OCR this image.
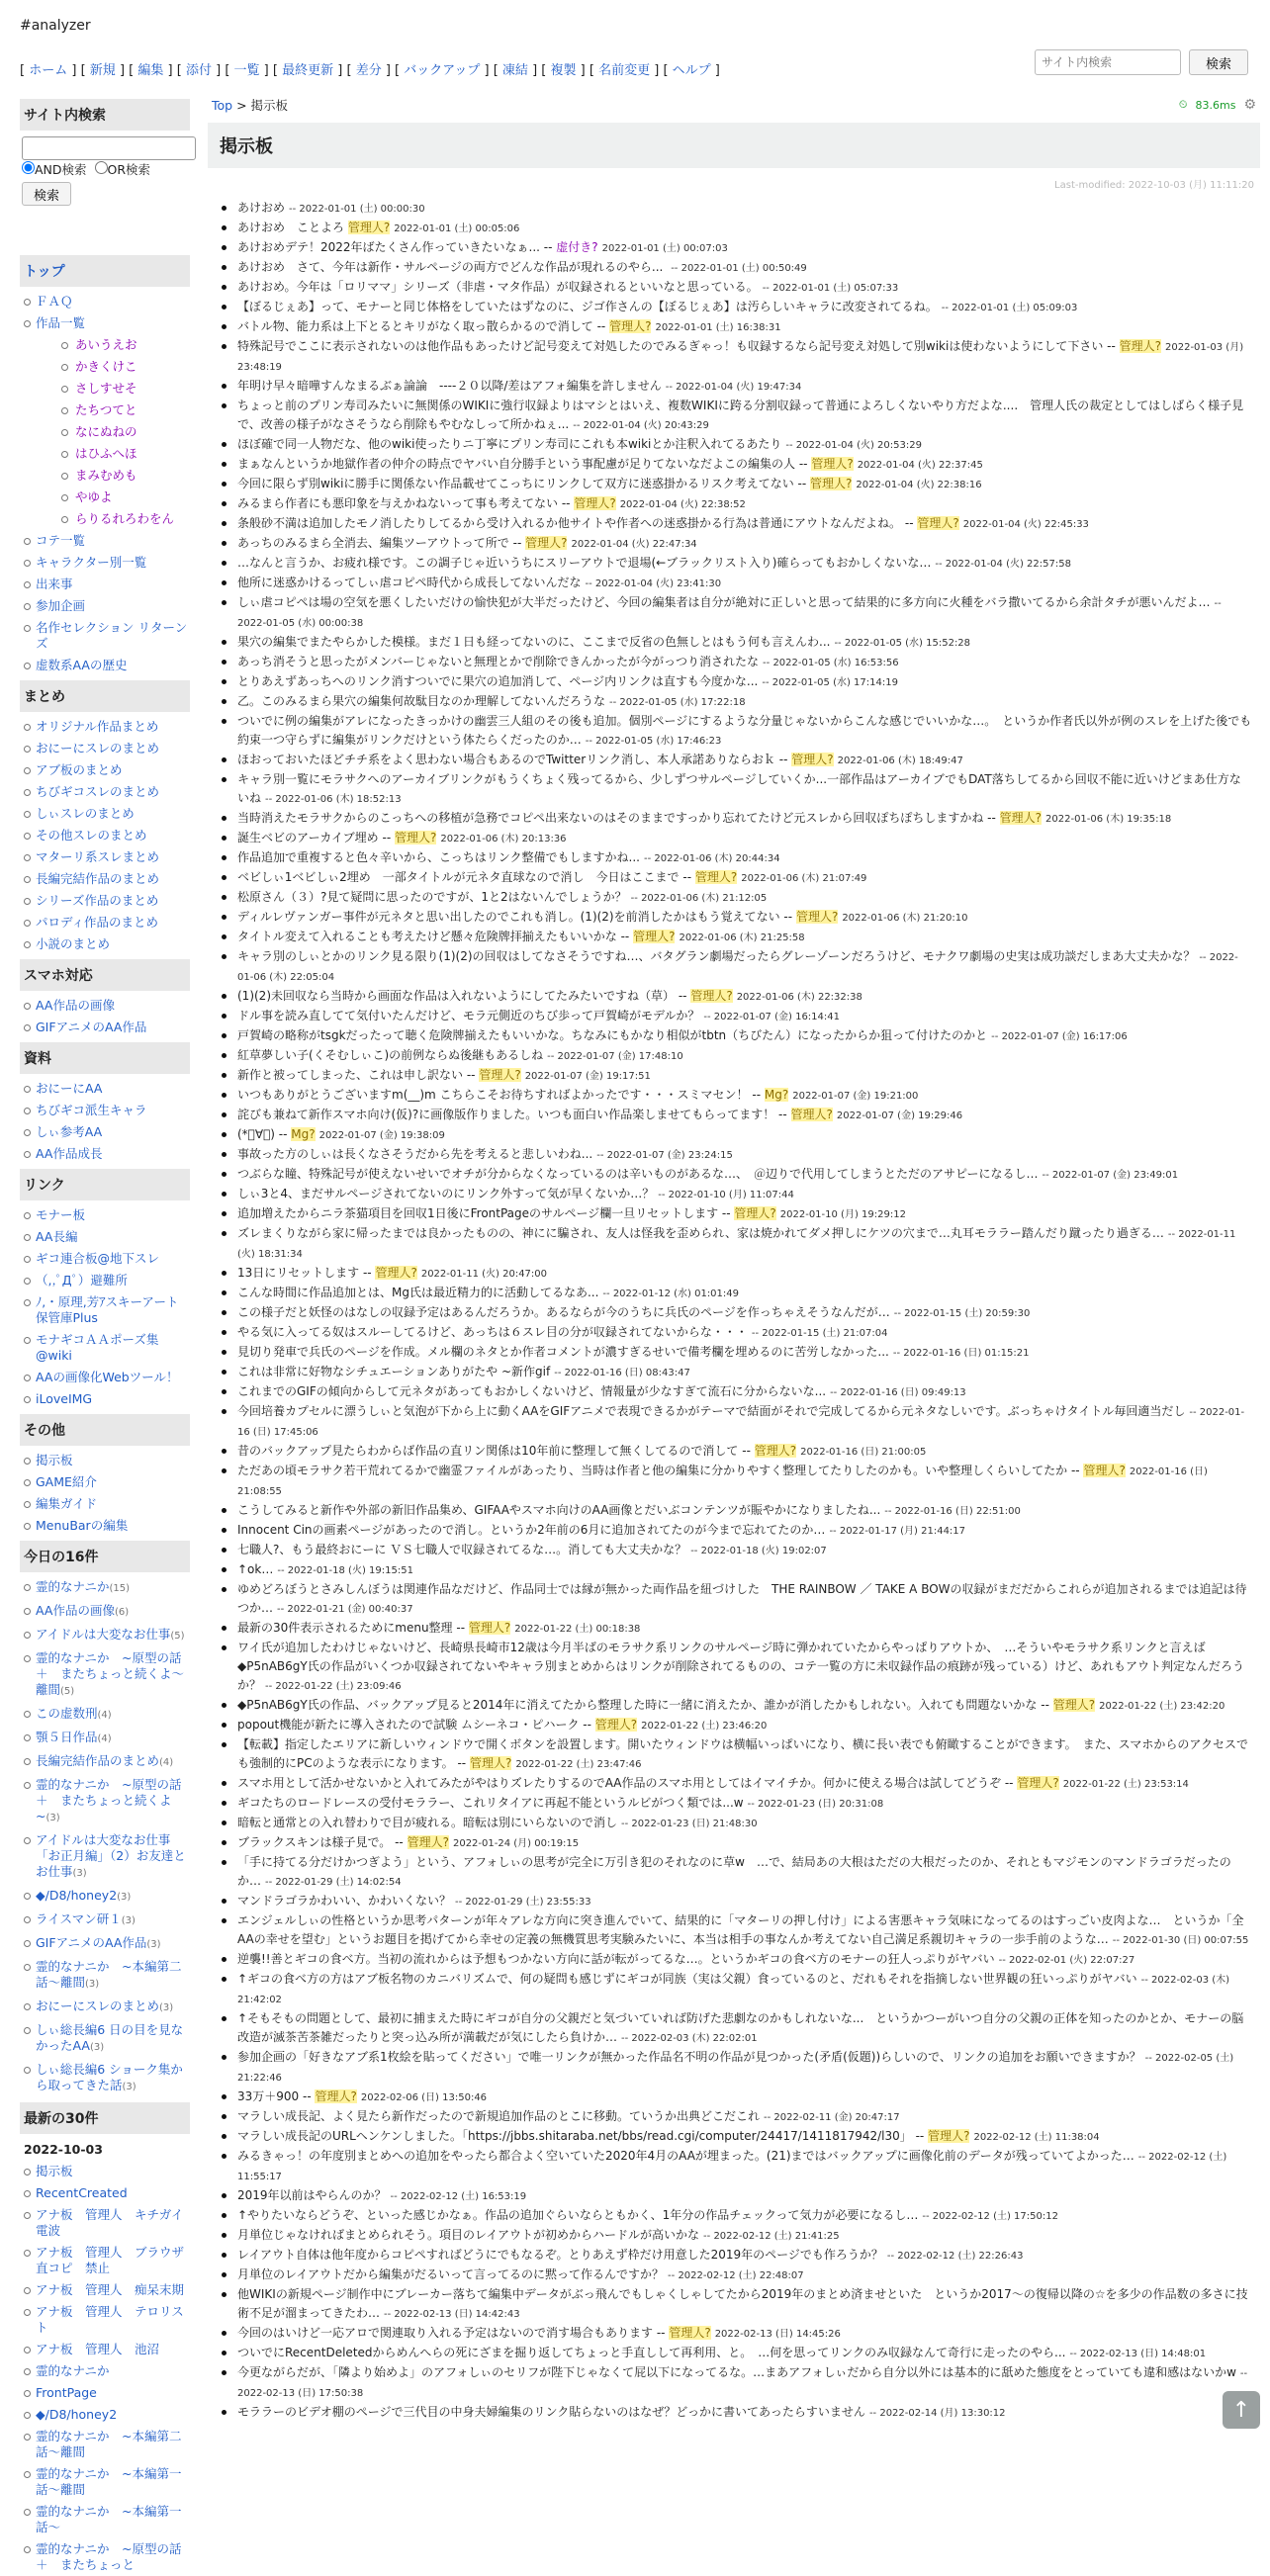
#analyzer
[ ホーム ] [ 新規 ] [ 編集 ] [ 添付 ] [ 一覧 ] [ 最終更新 ] [ 差分 ] [ バックアップ ] [ 凍結 ] [ 複製 ] [ 名前変更 ] [ ヘルプ ]
サイト内検索	検索
サイト内検索

AND検索 OR検索
検索
トップ
ＦＡＱ
作品一覧
あいうえお
かきくけこ
さしすせそ
たちつてと
なにぬねの
はひふへほ
まみむめも
やゆよ
らりるれろわをん
コテ一覧
キャラクター別一覧
出来事
参加企画
名作セレクション リターンズ
虚数系AAの歴史
まとめ
オリジナル作品まとめ
おにーにスレのまとめ
アブ板のまとめ
ちびギコスレのまとめ
しぃスレのまとめ
その他スレのまとめ
マターリ系スレまとめ
長編完結作品のまとめ
シリーズ作品のまとめ
パロディ作品のまとめ
小説のまとめ
スマホ対応
AA作品の画像
GIFアニメのAA作品
資料
おにーにAA
ちびギコ派生キャラ
しぃ参考AA
AA作品成長
リンク
モナー板
AA長編
ギコ連合板@地下スレ
（,,ﾟДﾟ）避難所
ﾉ,・原理,芳ｱスキーアート保管庫Plus
モナギコＡＡポーズ集@wiki
AAの画像化Webツール！
iLoveIMG
その他
掲示板
GAME紹介
編集ガイド
MenuBarの編集
今日の16件
霊的なナニか(15)
AA作品の画像(6)
アイドルは大変なお仕事(5)
霊的なナニか　~原型の話　＋　またちょっと続くよ～離間(5)
この虚数刑(4)
顎５日作品(4)
長編完結作品のまとめ(4)
霊的なナニか　~原型の話　＋　またちょっと続くよ　~(3)
アイドルは大変なお仕事「お正月編」（2）お友達とお仕事(3)
◆/D8/honey2(3)
ライスマン研１(3)
GIFアニメのAA作品(3)
霊的なナニか　~本編第二話～離間(3)
おにーにスレのまとめ(3)
しぃ総長編6 日の目を見なかったAA(3)
しぃ総長編6 ショーク集から取ってきた話(3)
最新の30件
2022-10-03
掲示板
RecentCreated
アナ板　管理人　キチガイ　電波
アナ板　管理人　ブラウザ直コピ　禁止
アナ板　管理人　痴呆末期
アナ板　管理人　テロリスト
アナ板　管理人　池沼
霊的なナニか
FrontPage
◆/D8/honey2
霊的なナニか　~本編第二話～離間
霊的なナニか　~本編第一話～離間
霊的なナニか　~本編第一話～
霊的なナニか　~原型の話　＋　またちょっと
Top > 掲示板	⏲ 83.6ms ⚙
掲示板
Last-modified: 2022-10-03 (月) 11:11:20
あけおめ -- 2022-01-01 (土) 00:00:30
あけおめ　ことよろ 管理人? 2022-01-01 (土) 00:05:06
あけおめデテ！2022年ばたくさん作っていきたいなぁ... -- 虚付き? 2022-01-01 (土) 00:07:03
あけおめ　さて、今年は新作・サルページの両方でどんな作品が現れるのやら... -- 2022-01-01 (土) 00:50:49
あけおめ。今年は「ロリママ」シリーズ（非虐・マタ作品）が収録されるといいなと思っている。 -- 2022-01-01 (土) 05:07:33
【ぼるじぇあ】って、モナーと同じ体格をしていたはずなのに、ジゴ作さんの【ぼるじぇあ】は汚らしいキャラに改変されてるね。 -- 2022-01-01 (土) 05:09:03
バトル物、能力系は上下とるとキリがなく取っ散らかるので消して -- 管理人? 2022-01-01 (土) 16:38:31
特殊記号でここに表示されないのは他作品もあったけど記号変えて対処したのでみるぎゃっ！も収録するなら記号変え対処して別wikiは使わないようにして下さい -- 管理人? 2022-01-03 (月) 23:48:19
年明け早々暗嘩すんなまるぶぁ論論　----２０以降/差はアフォ編集を許しません -- 2022-01-04 (火) 19:47:34
ちょっと前のプリン寿司みたいに無関係のWIKIに強行収録よりはマシとはいえ、複数WIKIに跨る分割収録って普通によろしくないやり方だよな....　管理人氏の裁定としてはしばらく様子見で、改善の様子がなさそうなら削除もやむなしって所かねぇ... -- 2022-01-04 (火) 20:43:29
ほぼ確で同一人物だな、他のwiki使ったりニ丁寧にプリン寿司にこれも本wikiとか注釈入れてるあたり -- 2022-01-04 (火) 20:53:29
まぁなんというか地獄作者の仲介の時点でヤバい自分勝手という事配慮が足りてないなだよこの編集の人 -- 管理人? 2022-01-04 (火) 22:37:45
今回に限らず別wikiに勝手に関係ない作品載せてこっちにリンクして双方に迷惑掛かるリスク考えてない -- 管理人? 2022-01-04 (火) 22:38:16
みるまら作者にも悪印象を与えかねないって事も考えてない -- 管理人? 2022-01-04 (火) 22:38:52
条般砂不満は追加したモノ消したりしてるから受け入れるか他サイトや作者への迷惑掛かる行為は普通にアウトなんだよね。 -- 管理人? 2022-01-04 (火) 22:45:33
あっちのみるまら全消去、編集ツーアウトって所で -- 管理人? 2022-01-04 (火) 22:47:34
…なんと言うか、お疲れ様です。この調子じゃ近いうちにスリーアウトで退場(←ブラックリスト入り)確らってもおかしくないな… -- 2022-01-04 (火) 22:57:58
他所に迷惑かけるってしぃ虐コピペ時代から成長してないんだな -- 2022-01-04 (火) 23:41:30
しぃ虐コピペは場の空気を悪くしたいだけの愉快犯が大半だったけど、今回の編集者は自分が絶対に正しいと思って結果的に多方向に火種をバラ撒いてるから余計タチが悪いんだよ… -- 2022-01-05 (水) 00:00:38
果穴の編集でまたやらかした模様。まだ１日も経ってないのに、ここまで反省の色無しとはもう何も言えんわ... -- 2022-01-05 (水) 15:52:28
あっち消そうと思ったがメンバーじゃないと無理とかで削除できんかったが今がっつり消されたな -- 2022-01-05 (水) 16:53:56
とりあえずあっちへのリンク消すついでに果穴の追加消して、ページ内リンクは直すも今度かな... -- 2022-01-05 (水) 17:14:19
乙。このみるまら果穴の編集何故駄目なのか理解してないんだろうな -- 2022-01-05 (水) 17:22:18
ついでに例の編集がアレになったきっかけの幽雲三人組のその後も追加。個別ページにするような分量じゃないからこんな感じでいいかな…。　というか作者氏以外が例のスレを上げた後でも約束一つ守らずに編集がリンクだけという体たらくだったのか… -- 2022-01-05 (水) 17:46:23
ほおっておいたほどチチ系をよく思わない場合もあるのでTwitterリンク消し、本人承諾ありならおｋ -- 管理人? 2022-01-06 (木) 18:49:47
キャラ別一覧にモラサクへのアーカイブリンクがもうくちょく残ってるから、少しずつサルページしていくか...一部作品はアーカイブでもDAT落ちしてるから回収不能に近いけどまあ仕方ないね -- 2022-01-06 (木) 18:52:13
当時消えたモラサクからのこっちへの移植が急務でコピペ出来ないのはそのままですっかり忘れてたけど元スレから回収ぽちぽちしますかね -- 管理人? 2022-01-06 (木) 19:35:18
誕生ベビのアーカイブ埋め -- 管理人? 2022-01-06 (木) 20:13:36
作品追加で重複すると色々辛いから、こっちはリンク整備でもしますかね... -- 2022-01-06 (木) 20:44:34
ベビしぃ1ベビしぃ2埋め　一部タイトルが元ネタ直球なので消し　今日はここまで -- 管理人? 2022-01-06 (木) 21:07:49
松原さん（３）?見て疑問に思ったのですが、1と2はないんでしょうか？ -- 2022-01-06 (木) 21:12:05
ディルレヴァンガー事件が元ネタと思い出したのでこれも消し。(1)(2)を前消したかはもう覚えてない -- 管理人? 2022-01-06 (木) 21:20:10
タイトル変えて入れることも考えたけど懸々危険牌拝揃えたもいいかな -- 管理人? 2022-01-06 (木) 21:25:58
キャラ別のしぃとかのリンク見る限り(1)(2)の回収はしてなさそうですね…、バタグラン劇場だったらグレーゾーンだろうけど、モナクワ劇場の史実は成功談だしまあ大丈夫かな？ -- 2022-01-06 (木) 22:05:04
(1)(2)未回収なら当時から画面な作品は入れないようにしてたみたいですね（草） -- 管理人? 2022-01-06 (木) 22:32:38
ドル事を読み直してて気付いたんだけど、モラ元側近のちび歩って戸賀崎がモデルか？ -- 2022-01-07 (金) 16:14:41
戸賀崎の略称がtsgkだったって聴く危険牌揃えたもいいかな。ちなみにもかなり相似がtbtn（ちびたん）になったからか狙って付けたのかと -- 2022-01-07 (金) 16:17:06
紅草夢しい子(くそむしぃこ)の前例ならぬ後継もあるしね -- 2022-01-07 (金) 17:48:10
新作と被ってしまった、これは申し訳ない -- 管理人? 2022-01-07 (金) 19:17:51
いつもありがとうございますm(__)m こちらこそお待ちすればよかったです・・・スミマセン！ -- Mg? 2022-01-07 (金) 19:21:00
詫びも兼ねて新作スマホ向け(仮)?に画像版作りました。いつも面白い作品楽しませてもらってます！ -- 管理人? 2022-01-07 (金) 19:29:46
(*ﾟ∀ﾟ) -- Mg? 2022-01-07 (金) 19:38:09
事故った方のしぃは長くなさそうだから先を考えると悲しいわね... -- 2022-01-07 (金) 23:24:15
つぶらな瞳、特殊記号が使えないせいでオチが分からなくなっているのは辛いものがあるな…、　＠辺りで代用してしまうとただのアサピーになるし… -- 2022-01-07 (金) 23:49:01
しぃ3と4、まだサルページされてないのにリンク外すって気が早くないか…？ -- 2022-01-10 (月) 11:07:44
追加増えたからニラ茶猫項目を回収1日後にFrontPageのサルページ欄一旦リセットします -- 管理人? 2022-01-10 (月) 19:29:12
ズレまくりながら家に帰ったまでは良かったものの、神にに騙され、友人は怪我を歪められ、家は焼かれてダメ押しにケツの穴まで…丸耳モララー踏んだり蹴ったり過ぎる… -- 2022-01-11 (火) 18:31:34
13日にリセットします -- 管理人? 2022-01-11 (火) 20:47:00
こんな時間に作品追加とは、Mg氏は最近精力的に活動してるなあ... -- 2022-01-12 (水) 01:01:49
この様子だと妖怪のはなしの収録予定はあるんだろうか。あるならが今のうちに兵氏のページを作っちゃえそうなんだが… -- 2022-01-15 (土) 20:59:30
やる気に入ってる奴はスルーしてるけど、あっちは６スレ目の分が収録されてないからな・・・ -- 2022-01-15 (土) 21:07:04
見切り発車で兵氏のページを作成。メル欄のネタとか作者コメントが濃すぎるせいで備考欄を埋めるのに苦労しなかった... -- 2022-01-16 (日) 01:15:21
これは非常に好物なシチュエーションありがたや ~新作gif -- 2022-01-16 (日) 08:43:47
これまでのGIFの傾向からして元ネタがあってもおかしくないけど、情報量が少なすぎて流石に分からないな... -- 2022-01-16 (日) 09:49:13
今回培養カプセルに漂うしぃと気泡が下から上に動くAAをGIFアニメで表現できるかがテーマで結面がそれで完成してるから元ネタなしいです。ぶっちゃけタイトル毎回適当だし -- 2022-01-16 (日) 17:45:06
昔のバックアップ見たらわからば作品の直リン関係は10年前に整理して無くしてるので消して -- 管理人? 2022-01-16 (日) 21:00:05
ただあの頃モラサク若干荒れてるかで幽霊ファイルがあったり、当時は作者と他の編集に分かりやすく整理してたりしたのかも。いや整理しくらいしてたか -- 管理人? 2022-01-16 (日) 21:08:55
こうしてみると新作や外部の新旧作品集め、GIFAAやスマホ向けのAA画像とだいぶコンテンツが賑やかになりましたね... -- 2022-01-16 (日) 22:51:00
Innocent Cinの画素ページがあったので消し。というか2年前の6月に追加されてたのが今まで忘れてたのか… -- 2022-01-17 (月) 21:44:17
七職人?、もう最終おにーに ＶＳ七職人で収録されてるな…。消しても大丈夫かな？ -- 2022-01-18 (火) 19:02:07
↑ok… -- 2022-01-18 (火) 19:15:51
ゆめどろぼうとさみしんぼうは関連作品なだけど、作品同士では縁が無かった両作品を紐づけした　THE RAINBOW ／ TAKE A BOWの収録がまだだからこれらが追加されるまでは追記は待つか… -- 2022-01-21 (金) 00:40:37
最新の30件表示されるためにmenu整理 -- 管理人? 2022-01-22 (土) 00:18:38
ワイ氏が追加したわけじゃないけど、長崎県長崎市12歳は今月半ばのモラサク系リンクのサルページ時に弾かれていたからやっぱりアウトか、　…そういやモラサク系リンクと言えば◆P5nAB6gY氏の作品がいくつか収録されてないやキャラ別まとめからはリンクが削除されてるものの、コテ一覧の方に未収録作品の痕跡が残っている）けど、あれもアウト判定なんだろうか？ -- 2022-01-22 (土) 23:09:46
◆P5nAB6gY氏の作品、バックアップ見ると2014年に消えてたから整理した時に一緒に消えたか、誰かが消したかもしれない。入れても問題ないかな -- 管理人? 2022-01-22 (土) 23:42:20
popout機能が新たに導入されたので試験 ムシーネコ・ピハーク -- 管理人? 2022-01-22 (土) 23:46:20
【転載】指定したエリアに新しいウィンドウで開くボタンを設置します。開いたウィンドウは横幅いっぱいになり、横に長い表でも俯瞰することができます。　また、スマホからのアクセスでも強制的にPCのような表示になります。 -- 管理人? 2022-01-22 (土) 23:47:46
スマホ用として活かせないかと入れてみたがやはりズレたりするのでAA作品のスマホ用としてはイマイチか。何かに使える場合は試してどうぞ -- 管理人? 2022-01-22 (土) 23:53:14
ギコたちのロードレースの受付モララー、これリタイアに再起不能というルビがつく類では...w -- 2022-01-23 (日) 20:31:08
暗転と通常との入れ替わりで目が疲れる。暗転は別にいらないので消し -- 2022-01-23 (日) 21:48:30
ブラックスキンは様子見で。 -- 管理人? 2022-01-24 (月) 00:19:15
「手に持てる分だけかつぎよう」という、アフォしぃの思考が完全に万引き犯のそれなのに草w　…で、結局あの大根はただの大根だったのか、それともマジモンのマンドラゴラだったのか… -- 2022-01-29 (土) 14:02:54
マンドラゴラかわいい、かわいくない？ -- 2022-01-29 (土) 23:55:33
エンジェルしぃの性格というか思考パターンが年々アレな方向に突き進んでいて、結果的に「マターリの押し付け」による害悪キャラ気味になってるのはすっごい皮肉よな…　というか「全AAの幸せを望む」というお題目を掲げてから幸せの定義の無機質思考実験みたいに、本当は相手の事なんか考えてない自己満足系親切キャラの一歩手前のような… -- 2022-01-30 (日) 00:07:55
逆襲!!善とギコの食べ方。当初の流れからは予想もつかない方向に話が転がってるな…。というかギコの食べ方のモナーの狂人っぷりがヤバい -- 2022-02-01 (火) 22:07:27
↑ギコの食べ方の方はアブ板名物のカニバリズムで、何の疑問も感じずにギコが同族（実は父親）食っているのと、だれもそれを指摘しない世界観の狂いっぷりがヤバい -- 2022-02-03 (木) 21:42:02
↑そもそもの問題として、最初に捕まえた時にギコが自分の父親だと気づいていれば防げた悲劇なのかもしれないな...　というかつーがいつ自分の父親の正体を知ったのかとか、モナーの脳改造が滅茶苦茶雑だったりと突っ込み所が満載だが気にしたら負けか… -- 2022-02-03 (木) 22:02:01
参加企画の「好きなアブ系1枚絵を貼ってください」で唯一リンクが無かった作品名不明の作品が見つかった(矛盾(仮題))らしいので、リンクの追加をお願いできますか？ -- 2022-02-05 (土) 21:22:46
33万＋900 -- 管理人? 2022-02-06 (日) 13:50:46
マラしい成長記、よく見たら新作だったので新規追加作品のとこに移動。ていうか出典どこだこれ -- 2022-02-11 (金) 20:47:17
マラしい成長記のURLヘンケンしました。「https://jbbs.shitaraba.net/bbs/read.cgi/computer/24417/1411817942/l30」 -- 管理人? 2022-02-12 (土) 11:38:04
みるきゃっ！の年度別まとめへの追加をやったら都合よく空いていた2020年4月のAAが埋まった。(21)まではバックアップに画像化前のデータが残っていてよかった… -- 2022-02-12 (土) 11:55:17
2019年以前はやらんのか？ -- 2022-02-12 (土) 16:53:19
↑やりたいならどうぞ、といった感じかなぁ。作品の追加ぐらいならともかく、1年分の作品チェックって気力が必要になるし… -- 2022-02-12 (土) 17:50:12
月単位じゃなければまとめられそう。項目のレイアウトが初めからハードルが高いかな -- 2022-02-12 (土) 21:41:25
レイアウト自体は他年度からコピペすればどうにでもなるぞ。とりあえず枠だけ用意した2019年のページでも作ろうか？ -- 2022-02-12 (土) 22:26:43
月単位のレイアウトだから編集がだるいって言ってるのに黙って作るんですか？ -- 2022-02-12 (土) 22:48:07
他WIKIの新規ページ制作中にブレーカー落ちて編集中データがぶっ飛んでもしゃくしゃしてたから2019年のまとめ済ませといた　というか2017～の復帰以降の☆を多少の作品数の多さに技術不足が溜まってきたわ… -- 2022-02-13 (日) 14:42:43
今回のはいけど一応アロで関連取り入れる予定はないので消す場合もあります -- 管理人? 2022-02-13 (日) 14:45:26
ついでにRecentDeletedからめんへらの死にざまを掘り返してちょっと手直しして再利用、と。　…何を思ってリンクのみ収録なんて奇行に走ったのやら... -- 2022-02-13 (日) 14:48:01
今更ながらだが、「隣より始めよ」のアフォしぃのセリフが陛下じゃなくて屁以下になってるな。…まあアフォしぃだから自分以外には基本的に舐めた態度をとっていても違和感はないかw -- 2022-02-13 (日) 17:50:38
モララーのビデオ棚のページで三代目の中身夫婦編集のリンク貼らないのはなぜ？どっかに書いてあったらすいません -- 2022-02-14 (月) 13:30:12	↑
